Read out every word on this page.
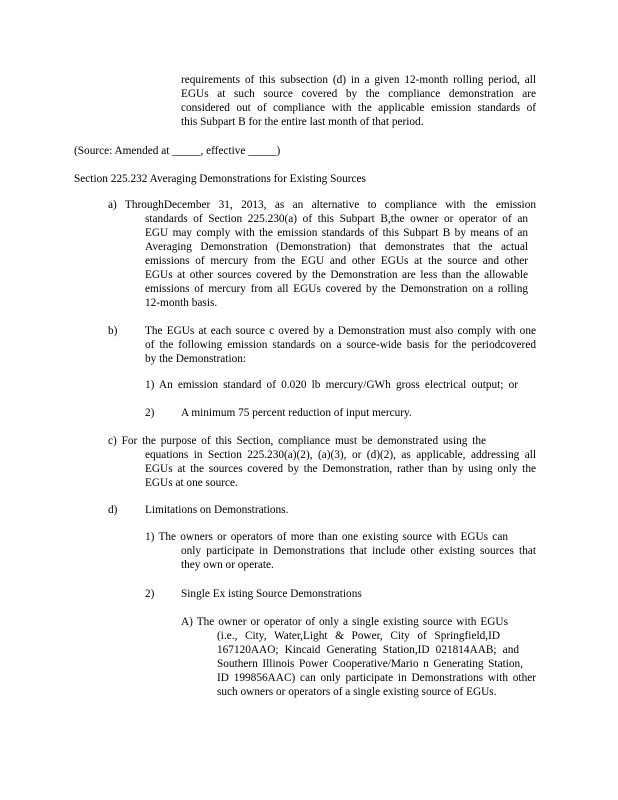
requirements of this subsection (d) in a given 12-month rolling period, all
EGUs at such source covered by the compliance demonstration are
considered out of compliance with the applicable emission standards of
this Subpart B for the entire last month of that period.
(Source: Amended at _____, effective _____)
Section 225.232 Averaging Demonstrations for Existing Sources
a) ThroughDecember 31, 2013, as an alternative to compliance with the emission
standards of Section 225.230(a) of this Subpart B,the owner or operator of an
EGU may comply with the emission standards of this Subpart B by means of an
Averaging Demonstration (Demonstration) that demonstrates that the actual
emissions of mercury from the EGU and other EGUs at the source and other
EGUs at other sources covered by the Demonstration are less than the allowable
emissions of mercury from all EGUs covered by the Demonstration on a rolling
12-month basis.
b) The EGUs at each source c overed by a Demonstration must also comply with one
of the following emission standards on a source-wide basis for the periodcovered
by the Demonstration:
1) An emission standard of 0.020 lb mercury/GWh gross electrical output; or
2) A minimum 75 percent reduction of input mercury.
c) For the purpose of this Section, compliance must be demonstrated using the
equations in Section 225.230(a)(2), (a)(3), or (d)(2), as applicable, addressing all
EGUs at the sources covered by the Demonstration, rather than by using only the
EGUs at one source.
d) Limitations on Demonstrations.
1) The owners or operators of more than one existing source with EGUs can
only participate in Demonstrations that include other existing sources that
they own or operate.
2) Single Ex isting Source Demonstrations
A) The owner or operator of only a single existing source with EGUs
(i.e., City, Water,Light & Power, City of Springfield,ID
167120AAO; Kincaid Generating Station,ID 021814AAB; and
Southern Illinois Power Cooperative/Mario n Generating Station,
ID 199856AAC) can only participate in Demonstrations with other
such owners or operators of a single existing source of EGUs.
